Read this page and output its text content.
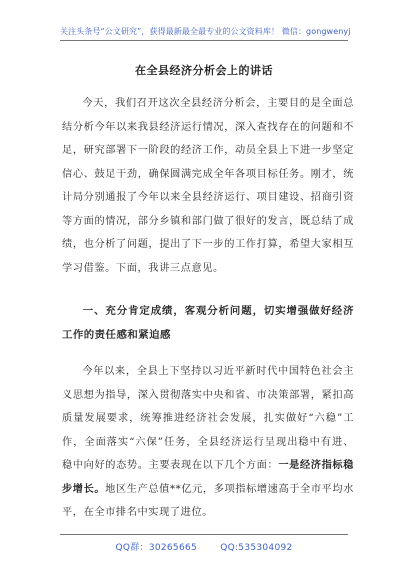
关注头条号“公文研究”，获得最新最全最专业的公文资料库！ 微信：gongwenyj
在全县经济分析会上的讲话
今天，我们召开这次全县经济分析会，主要目的是全面总结分析今年以来我县经济运行情况，深入查找存在的问题和不足，研究部署下一阶段的经济工作，动员全县上下进一步坚定信心、鼓足干劲，确保圆满完成全年各项目标任务。刚才，统计局分别通报了今年以来全县经济运行、项目建设、招商引资等方面的情况，部分乡镇和部门做了很好的发言，既总结了成绩，也分析了问题，提出了下一步的工作打算，希望大家相互学习借鉴。下面，我讲三点意见。
一、充分肯定成绩，客观分析问题，切实增强做好经济工作的责任感和紧迫感
今年以来，全县上下坚持以习近平新时代中国特色社会主义思想为指导，深入贯彻落实中央和省、市决策部署，紧扣高质量发展要求，统筹推进经济社会发展，扎实做好“六稳”工作，全面落实“六保”任务，全县经济运行呈现出稳中有进、稳中向好的态势。主要表现在以下几个方面：一是经济指标稳步增长。地区生产总值**亿元，多项指标增速高于全市平均水平，在全市排名中实现了进位。
QQ群：30265665	QQ:535304092
